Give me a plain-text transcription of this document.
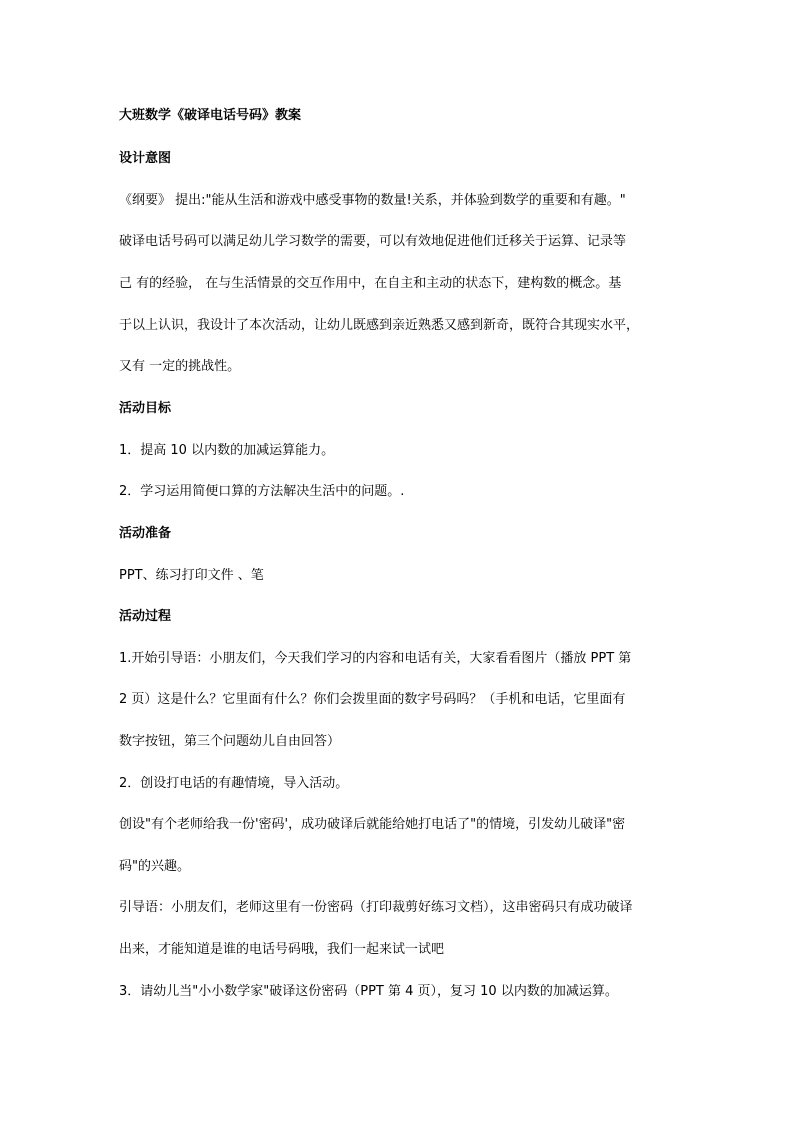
大班数学《破译电话号码》教案
设计意图
《纲要》 提出:"能从生活和游戏中感受事物的数量!关系，并体验到数学的重要和有趣。"
破译电话号码可以满足幼儿学习数学的需要，可以有效地促进他们迁移关于运算、记录等
己 有的经验， 在与生活情景的交互作用中，在自主和主动的状态下，建构数的概念。基
于以上认识，我设计了本次活动，让幼儿既感到亲近熟悉又感到新奇，既符合其现实水平，
又有 一定的挑战性。
活动目标
1．提高 10 以内数的加减运算能力。
2．学习运用简便口算的方法解决生活中的问题。.
活动准备
PPT、练习打印文件 、笔
活动过程
1.开始引导语：小朋友们，今天我们学习的内容和电话有关，大家看看图片（播放 PPT 第
2 页）这是什么？它里面有什么？你们会拨里面的数字号码吗？（手机和电话，它里面有
数字按钮，第三个问题幼儿自由回答）
2．创设打电话的有趣情境，导入活动。
创设"有个老师给我一份'密码'，成功破译后就能给她打电话了"的情境，引发幼儿破译"密
码"的兴趣。
引导语：小朋友们，老师这里有一份密码（打印裁剪好练习文档），这串密码只有成功破译
出来，才能知道是谁的电话号码哦，我们一起来试一试吧
3．请幼儿当"小小数学家"破译这份密码（PPT 第 4 页），复习 10 以内数的加减运算。
